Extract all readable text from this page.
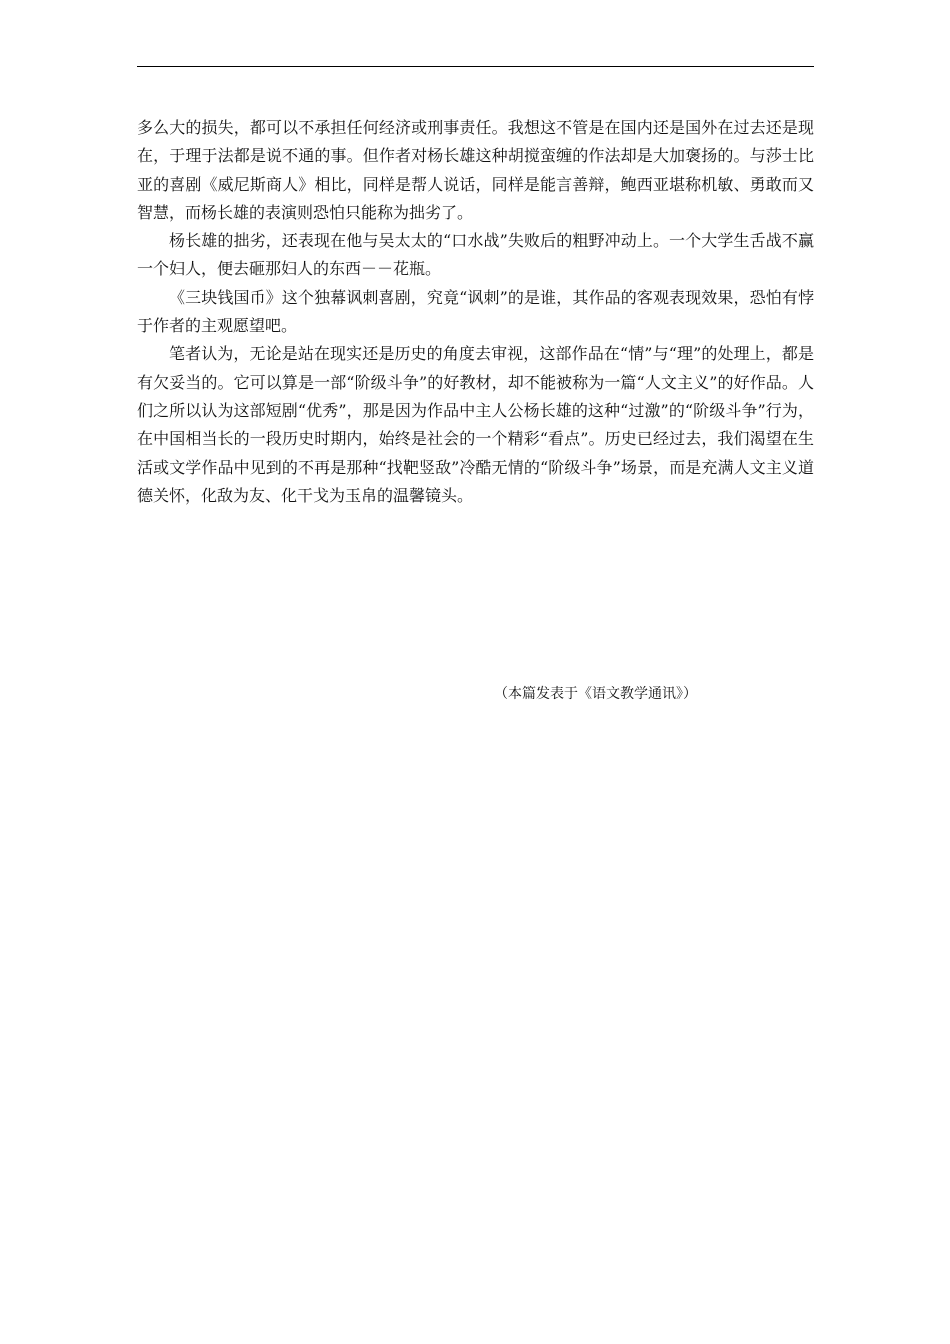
多么大的损失，都可以不承担任何经济或刑事责任。我想这不管是在国内还是国外在过去还是现在，于理于法都是说不通的事。但作者对杨长雄这种胡搅蛮缠的作法却是大加褒扬的。与莎士比亚的喜剧《威尼斯商人》相比，同样是帮人说话，同样是能言善辩，鲍西亚堪称机敏、勇敢而又智慧，而杨长雄的表演则恐怕只能称为拙劣了。

杨长雄的拙劣，还表现在他与吴太太的“口水战”失败后的粗野冲动上。一个大学生舌战不赢一个妇人，便去砸那妇人的东西－－花瓶。

《三块钱国币》这个独幕讽刺喜剧，究竟“讽刺”的是谁，其作品的客观表现效果，恐怕有悖于作者的主观愿望吧。

笔者认为，无论是站在现实还是历史的角度去审视，这部作品在“情”与“理”的处理上，都是有欠妥当的。它可以算是一部“阶级斗争”的好教材，却不能被称为一篇“人文主义”的好作品。人们之所以认为这部短剧“优秀”，那是因为作品中主人公杨长雄的这种“过激”的“阶级斗争”行为，在中国相当长的一段历史时期内，始终是社会的一个精彩“看点”。历史已经过去，我们渴望在生活或文学作品中见到的不再是那种“找靶竖敌”冷酷无情的“阶级斗争”场景，而是充满人文主义道德关怀，化敌为友、化干戈为玉帛的温馨镜头。

（本篇发表于《语文教学通讯》）
